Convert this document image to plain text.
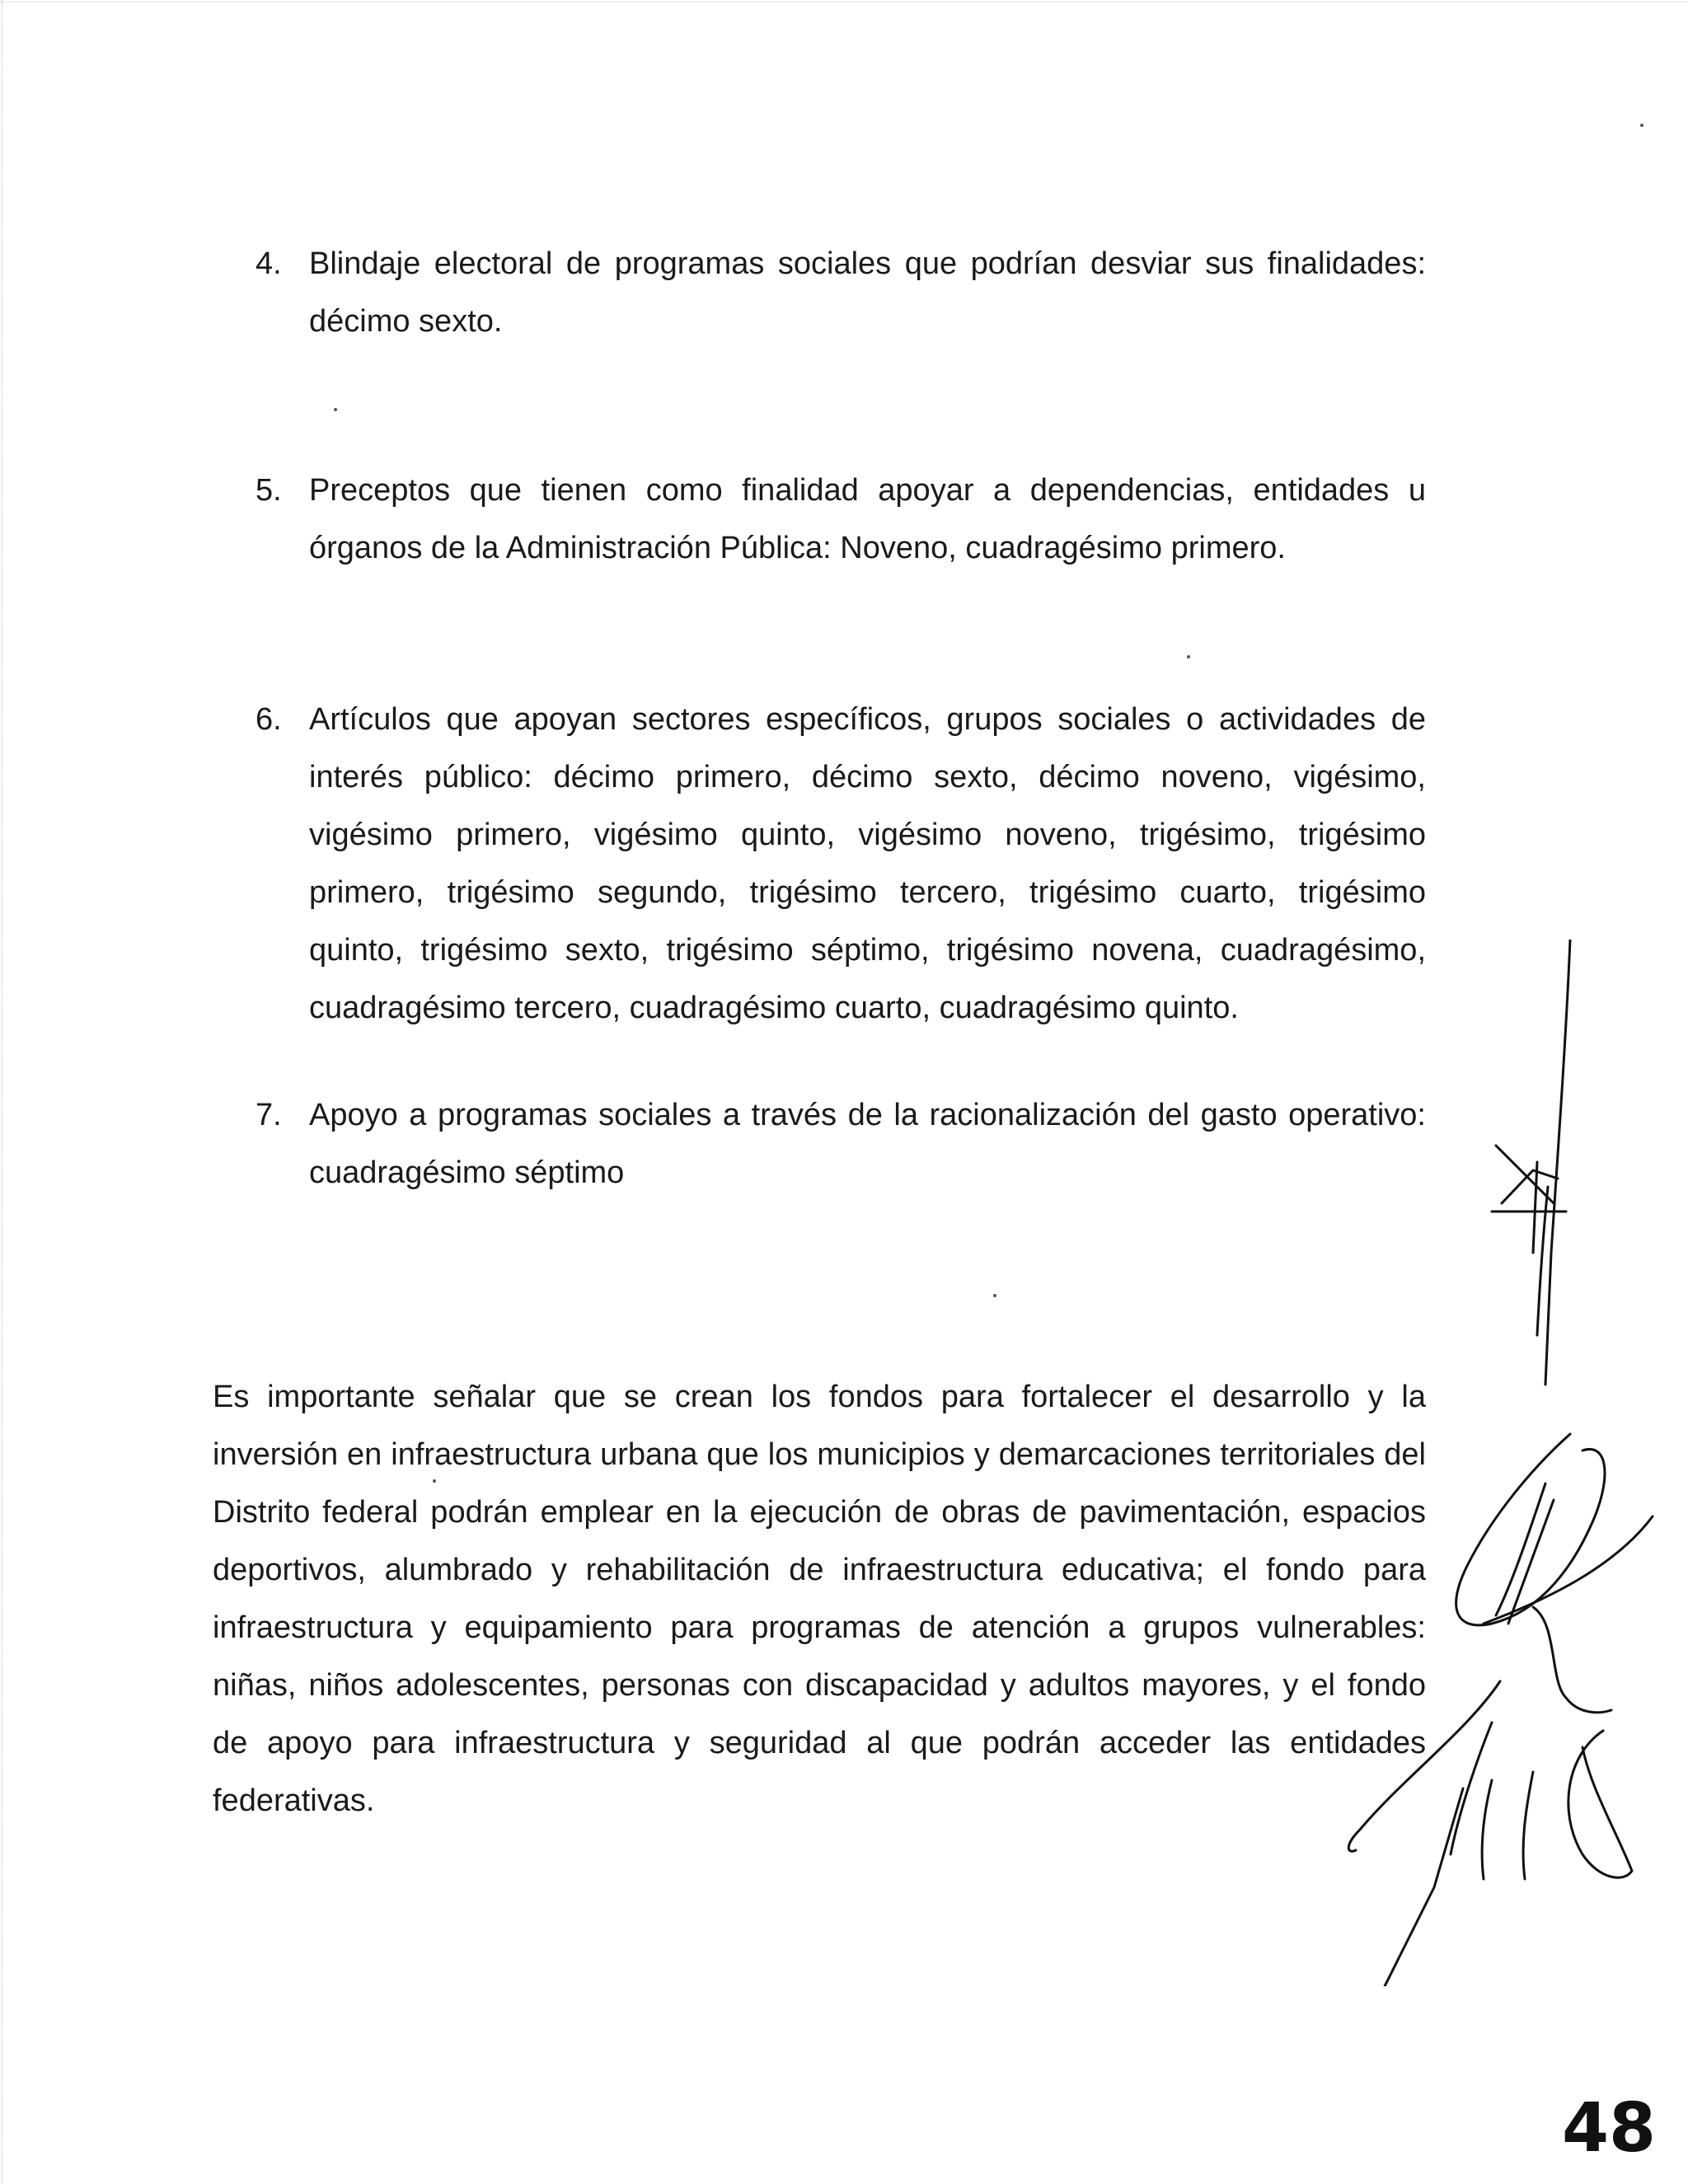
4. Blindaje electoral de programas sociales que podrían desviar sus finalidades: décimo sexto.
5. Preceptos que tienen como finalidad apoyar a dependencias, entidades u órganos de la Administración Pública: Noveno, cuadragésimo primero.
6. Artículos que apoyan sectores específicos, grupos sociales o actividades de interés público: décimo primero, décimo sexto, décimo noveno, vigésimo, vigésimo primero, vigésimo quinto, vigésimo noveno, trigésimo, trigésimo primero, trigésimo segundo, trigésimo tercero, trigésimo cuarto, trigésimo quinto, trigésimo sexto, trigésimo séptimo, trigésimo novena, cuadragésimo, cuadragésimo tercero, cuadragésimo cuarto, cuadragésimo quinto.
7. Apoyo a programas sociales a través de la racionalización del gasto operativo: cuadragésimo séptimo
Es importante señalar que se crean los fondos para fortalecer el desarrollo y la inversión en infraestructura urbana que los municipios y demarcaciones territoriales del Distrito federal podrán emplear en la ejecución de obras de pavimentación, espacios deportivos, alumbrado y rehabilitación de infraestructura educativa; el fondo para infraestructura y equipamiento para programas de atención a grupos vulnerables: niñas, niños adolescentes, personas con discapacidad y adultos mayores, y el fondo de apoyo para infraestructura y seguridad al que podrán acceder las entidades federativas.
48
